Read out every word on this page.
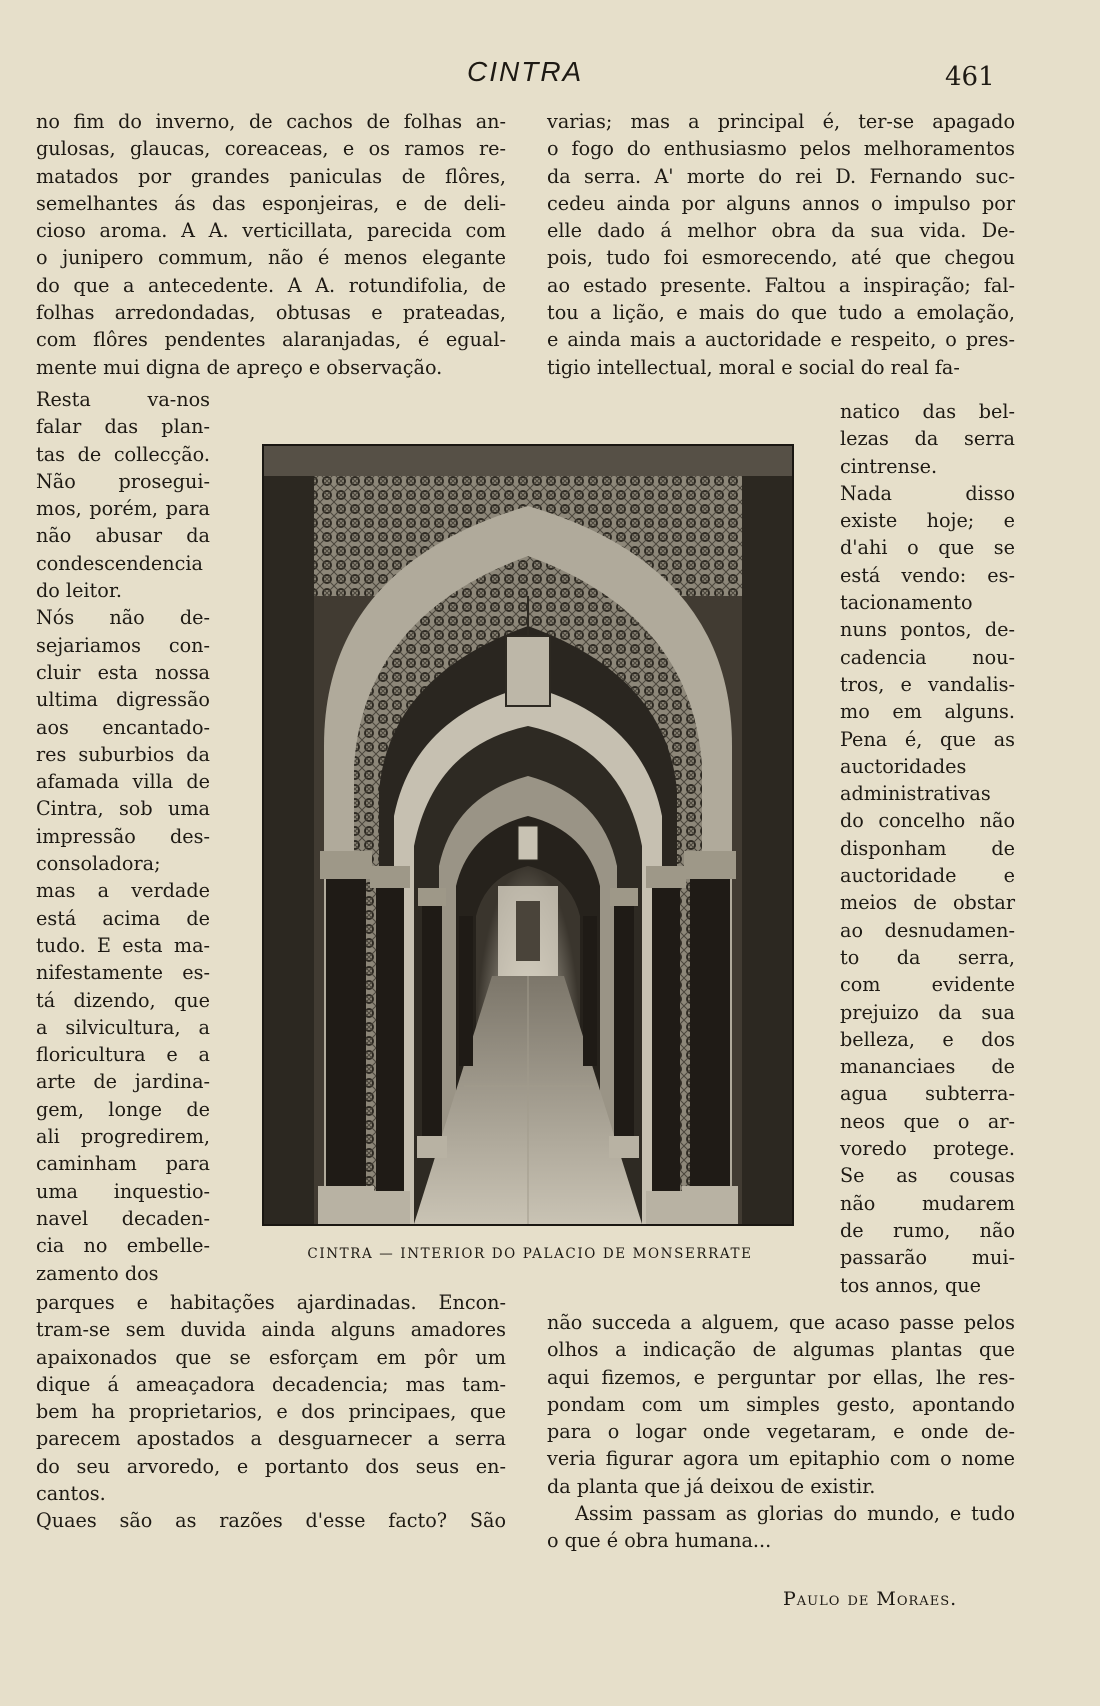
CINTRA	461
no fim do inverno, de cachos de folhas an-
gulosas, glaucas, coreaceas, e os ramos re-
matados por grandes paniculas de flôres,
semelhantes ás das esponjeiras, e de deli-
cioso aroma. A A. verticillata, parecida com
o junipero commum, não é menos elegante
do que a antecedente. A A. rotundifolia, de
folhas arredondadas, obtusas e prateadas,
com flôres pendentes alaranjadas, é egual-
mente mui digna de apreço e observação.
Resta va-nos
falar das plan-
tas de collecção.
Não prosegui-
mos, porém, para
não abusar da
condescendencia
do leitor.
Nós não de-
sejariamos con-
cluir esta nossa
ultima digressão
aos encantado-
res suburbios da
afamada villa de
Cintra, sob uma
impressão des-
consoladora;
mas a verdade
está acima de
tudo. E esta ma-
nifestamente es-
tá dizendo, que
a silvicultura, a
floricultura e a
arte de jardina-
gem, longe de
ali progredirem,
caminham para
uma inquestio-
navel decaden-
cia no embelle-
zamento dos
parques e habitações ajardinadas. Encon-
tram-se sem duvida ainda alguns amadores
apaixonados que se esforçam em pôr um
dique á ameaçadora decadencia; mas tam-
bem ha proprietarios, e dos principaes, que
parecem apostados a desguarnecer a serra
do seu arvoredo, e portanto dos seus en-
cantos.
Quaes são as razões d'esse facto? São
varias; mas a principal é, ter-se apagado
o fogo do enthusiasmo pelos melhoramentos
da serra. A' morte do rei D. Fernando suc-
cedeu ainda por alguns annos o impulso por
elle dado á melhor obra da sua vida. De-
pois, tudo foi esmorecendo, até que chegou
ao estado presente. Faltou a inspiração; fal-
tou a lição, e mais do que tudo a emolação,
e ainda mais a auctoridade e respeito, o pres-
tigio intellectual, moral e social do real fa-
natico das bel-
lezas da serra
cintrense.
Nada disso
existe hoje; e
d'ahi o que se
está vendo: es-
tacionamento
nuns pontos, de-
cadencia nou-
tros, e vandalis-
mo em alguns.
Pena é, que as
auctoridades
administrativas
do concelho não
disponham de
auctoridade e
meios de obstar
ao desnudamen-
to da serra,
com evidente
prejuizo da sua
belleza, e dos
mananciaes de
agua subterra-
neos que o ar-
voredo protege.
Se as cousas
não mudarem
de rumo, não
passarão mui-
tos annos, que
não succeda a alguem, que acaso passe pelos
olhos a indicação de algumas plantas que
aqui fizemos, e perguntar por ellas, lhe res-
pondam com um simples gesto, apontando
para o logar onde vegetaram, e onde de-
veria figurar agora um epitaphio com o nome
da planta que já deixou de existir.
Assim passam as glorias do mundo, e tudo
o que é obra humana...
CINTRA — INTERIOR DO PALACIO DE MONSERRATE
Paulo de Moraes.
